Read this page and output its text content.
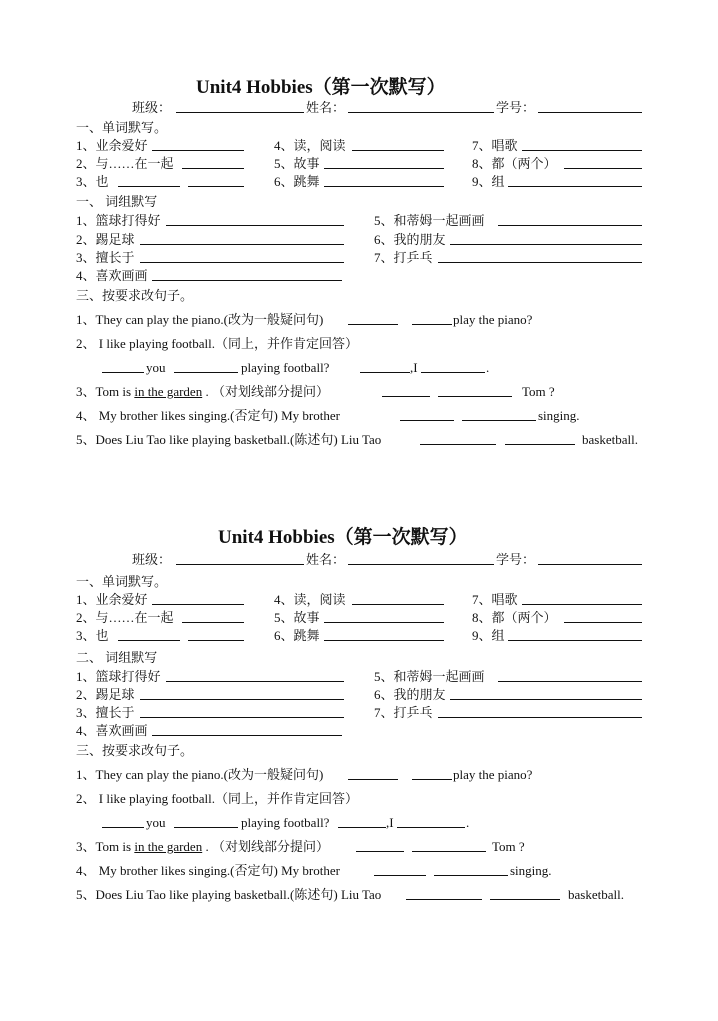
Unit4 Hobbies（第一次默写）
班级：	姓名：	学号：
一、单词默写。
1、业余爱好	4、读，阅读	7、唱歌
2、与……在一起	5、故事	8、都（两个）
3、也	6、跳舞	9、组
一、 词组默写
1、篮球打得好	5、和蒂姆一起画画
2、踢足球	6、我的朋友
3、擅长于	7、打乒乓
4、喜欢画画
三、按要求改句子。
1、They can play the piano.(改为一般疑问句)	play the piano?
2、 I like playing football.（同上，并作肯定回答）
you	playing football?	,I	.
3、Tom is in the garden . （对划线部分提问）	Tom ?
4、 My brother likes singing.(否定句) My brother	singing.
5、Does Liu Tao like playing basketball.(陈述句) Liu Tao	basketball.
Unit4 Hobbies（第一次默写）
班级：	姓名：	学号：
一、单词默写。
1、业余爱好	4、读，阅读	7、唱歌
2、与……在一起	5、故事	8、都（两个）
3、也	6、跳舞	9、组
二、 词组默写
1、篮球打得好	5、和蒂姆一起画画
2、踢足球	6、我的朋友
3、擅长于	7、打乒乓
4、喜欢画画
三、按要求改句子。
1、They can play the piano.(改为一般疑问句)	play the piano?
2、 I like playing football.（同上，并作肯定回答）
you	playing football?	,I	.
3、Tom is in the garden . （对划线部分提问）	Tom ?
4、 My brother likes singing.(否定句) My brother	singing.
5、Does Liu Tao like playing basketball.(陈述句) Liu Tao	basketball.
